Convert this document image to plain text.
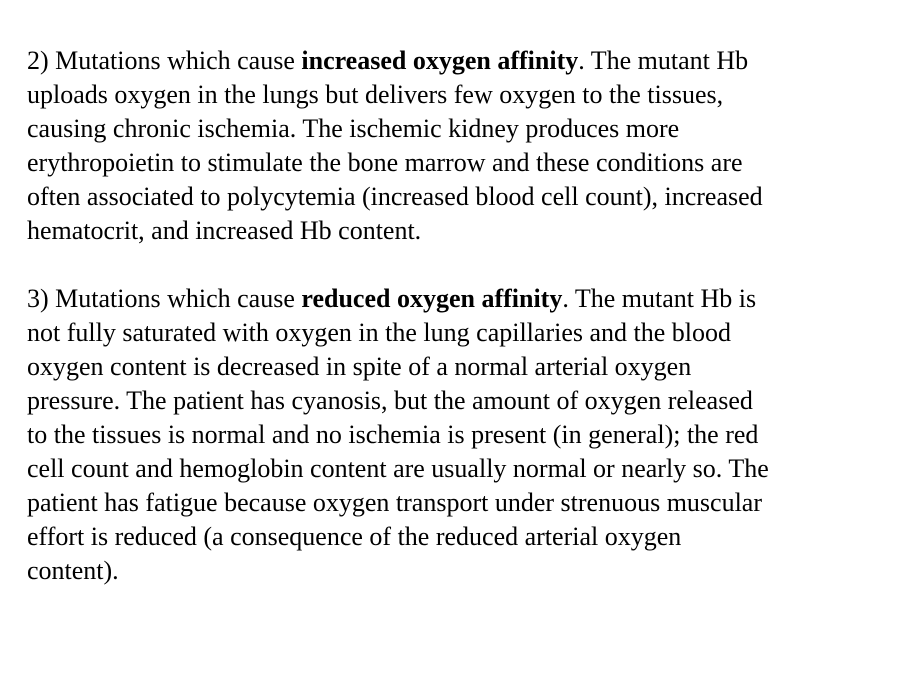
2) Mutations which cause increased oxygen affinity. The mutant Hb
uploads oxygen in the lungs but delivers few oxygen to the tissues,
causing chronic ischemia. The ischemic kidney produces more
erythropoietin to stimulate the bone marrow and these conditions are
often associated to polycytemia (increased blood cell count), increased
hematocrit, and increased Hb content.

3) Mutations which cause reduced oxygen affinity. The mutant Hb is
not fully saturated with oxygen in the lung capillaries and the blood
oxygen content is decreased in spite of a normal arterial oxygen
pressure. The patient has cyanosis, but the amount of oxygen released
to the tissues is normal and no ischemia is present (in general); the red
cell count and hemoglobin content are usually normal or nearly so. The
patient has fatigue because oxygen transport under strenuous muscular
effort is reduced (a consequence of the reduced arterial oxygen
content).
